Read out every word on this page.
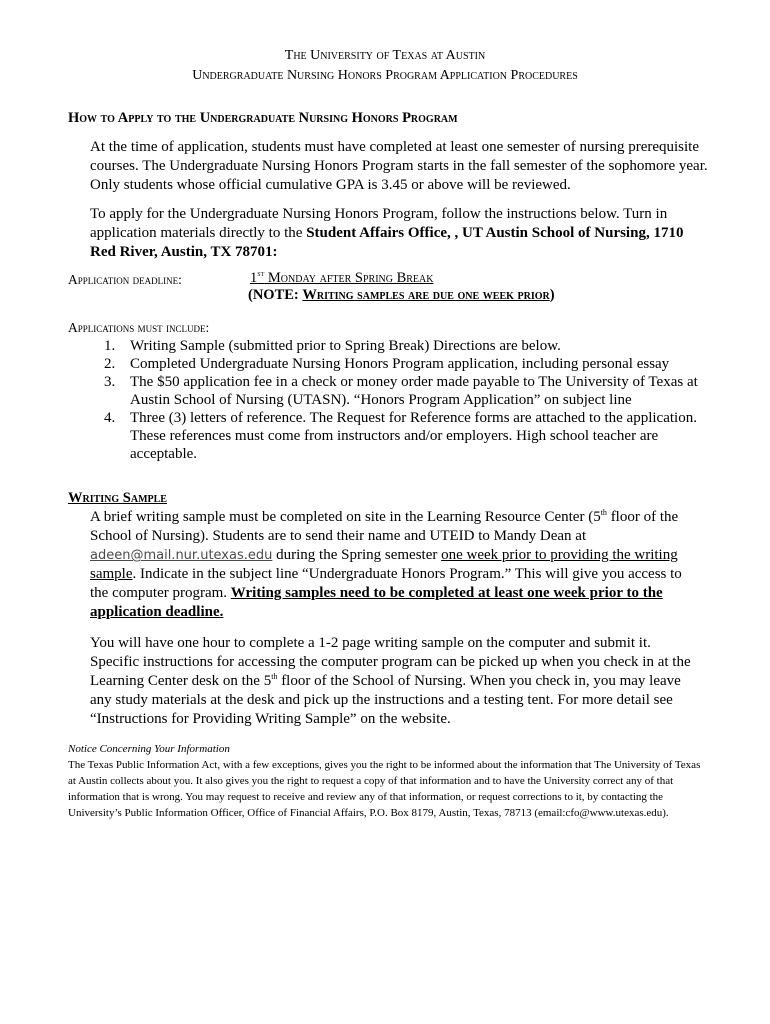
The University of Texas at Austin
Undergraduate Nursing Honors Program Application Procedures
How to Apply to the Undergraduate Nursing Honors Program
At the time of application, students must have completed at least one semester of nursing prerequisite courses. The Undergraduate Nursing Honors Program starts in the fall semester of the sophomore year. Only students whose official cumulative GPA is 3.45 or above will be reviewed.
To apply for the Undergraduate Nursing Honors Program, follow the instructions below. Turn in application materials directly to the Student Affairs Office, , UT Austin School of Nursing, 1710 Red River, Austin, TX 78701:
Application deadline:	1st Monday after Spring Break
(NOTE: Writing samples are due one week prior)
Applications must include:
1. Writing Sample (submitted prior to Spring Break) Directions are below.
2. Completed Undergraduate Nursing Honors Program application, including personal essay
3. The $50 application fee in a check or money order made payable to The University of Texas at Austin School of Nursing (UTASN). “Honors Program Application” on subject line
4. Three (3) letters of reference. The Request for Reference forms are attached to the application. These references must come from instructors and/or employers. High school teacher are acceptable.
Writing Sample
A brief writing sample must be completed on site in the Learning Resource Center (5th floor of the School of Nursing). Students are to send their name and UTEID to Mandy Dean at adeen@mail.nur.utexas.edu during the Spring semester one week prior to providing the writing sample. Indicate in the subject line “Undergraduate Honors Program.” This will give you access to the computer program. Writing samples need to be completed at least one week prior to the application deadline.
You will have one hour to complete a 1-2 page writing sample on the computer and submit it. Specific instructions for accessing the computer program can be picked up when you check in at the Learning Center desk on the 5th floor of the School of Nursing. When you check in, you may leave any study materials at the desk and pick up the instructions and a testing tent. For more detail see “Instructions for Providing Writing Sample” on the website.
Notice Concerning Your Information
The Texas Public Information Act, with a few exceptions, gives you the right to be informed about the information that The University of Texas at Austin collects about you. It also gives you the right to request a copy of that information and to have the University correct any of that information that is wrong. You may request to receive and review any of that information, or request corrections to it, by contacting the University’s Public Information Officer, Office of Financial Affairs, P.O. Box 8179, Austin, Texas, 78713 (email:cfo@www.utexas.edu).
